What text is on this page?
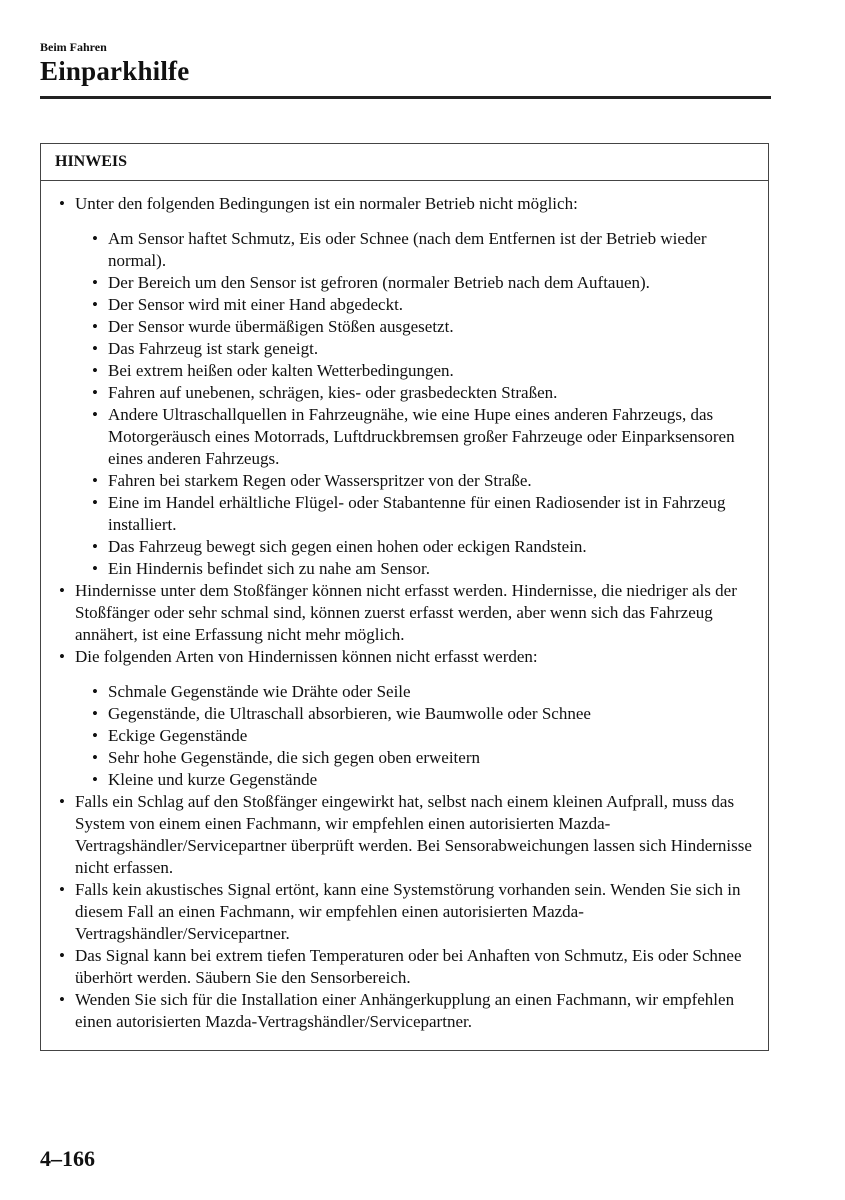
Beim Fahren
Einparkhilfe
HINWEIS
• Unter den folgenden Bedingungen ist ein normaler Betrieb nicht möglich:
• Am Sensor haftet Schmutz, Eis oder Schnee (nach dem Entfernen ist der Betrieb wieder normal).
• Der Bereich um den Sensor ist gefroren (normaler Betrieb nach dem Auftauen).
• Der Sensor wird mit einer Hand abgedeckt.
• Der Sensor wurde übermäßigen Stößen ausgesetzt.
• Das Fahrzeug ist stark geneigt.
• Bei extrem heißen oder kalten Wetterbedingungen.
• Fahren auf unebenen, schrägen, kies- oder grasbedeckten Straßen.
• Andere Ultraschallquellen in Fahrzeugnähe, wie eine Hupe eines anderen Fahrzeugs, das Motorgeräusch eines Motorrads, Luftdruckbremsen großer Fahrzeuge oder Einparksensoren eines anderen Fahrzeugs.
• Fahren bei starkem Regen oder Wasserspritzer von der Straße.
• Eine im Handel erhältliche Flügel- oder Stabantenne für einen Radiosender ist in Fahrzeug installiert.
• Das Fahrzeug bewegt sich gegen einen hohen oder eckigen Randstein.
• Ein Hindernis befindet sich zu nahe am Sensor.
• Hindernisse unter dem Stoßfänger können nicht erfasst werden. Hindernisse, die niedriger als der Stoßfänger oder sehr schmal sind, können zuerst erfasst werden, aber wenn sich das Fahrzeug annähert, ist eine Erfassung nicht mehr möglich.
• Die folgenden Arten von Hindernissen können nicht erfasst werden:
• Schmale Gegenstände wie Drähte oder Seile
• Gegenstände, die Ultraschall absorbieren, wie Baumwolle oder Schnee
• Eckige Gegenstände
• Sehr hohe Gegenstände, die sich gegen oben erweitern
• Kleine und kurze Gegenstände
• Falls ein Schlag auf den Stoßfänger eingewirkt hat, selbst nach einem kleinen Aufprall, muss das System von einem einen Fachmann, wir empfehlen einen autorisierten Mazda-Vertragshändler/Servicepartner überprüft werden. Bei Sensorabweichungen lassen sich Hindernisse nicht erfassen.
• Falls kein akustisches Signal ertönt, kann eine Systemstörung vorhanden sein. Wenden Sie sich in diesem Fall an einen Fachmann, wir empfehlen einen autorisierten Mazda-Vertragshändler/Servicepartner.
• Das Signal kann bei extrem tiefen Temperaturen oder bei Anhaften von Schmutz, Eis oder Schnee überhört werden. Säubern Sie den Sensorbereich.
• Wenden Sie sich für die Installation einer Anhängerkupplung an einen Fachmann, wir empfehlen einen autorisierten Mazda-Vertragshändler/Servicepartner.
4–166
